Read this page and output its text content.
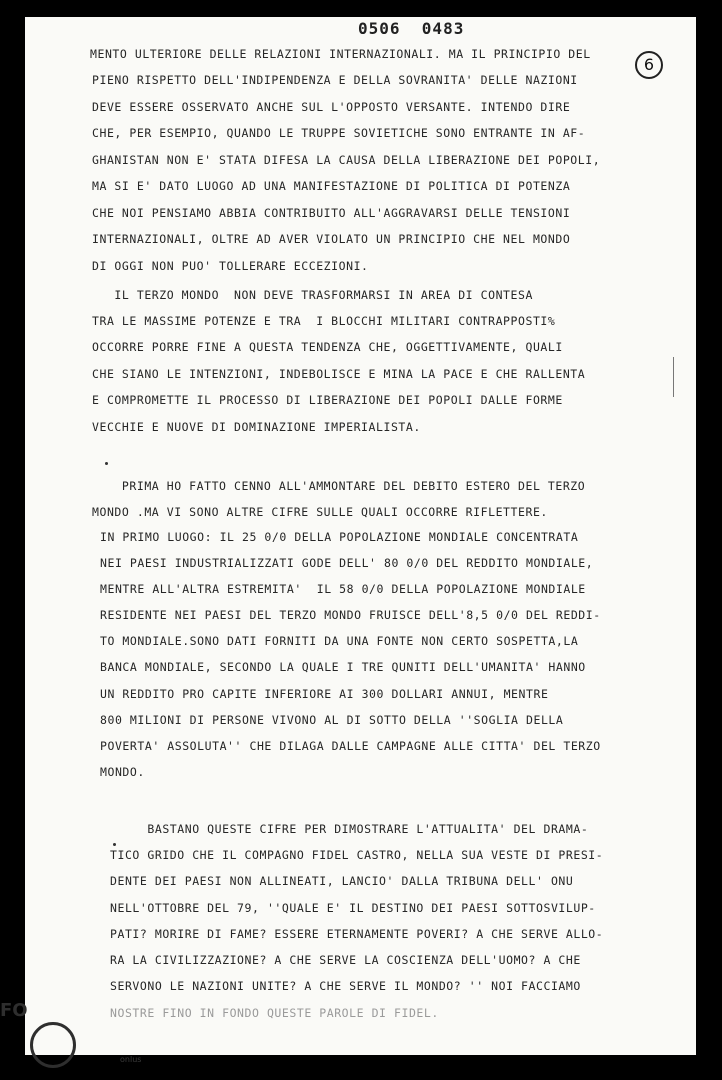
0506  0483
6
MENTO ULTERIORE DELLE RELAZIONI INTERNAZIONALI. MA IL PRINCIPIO DEL
PIENO RISPETTO DELL'INDIPENDENZA E DELLA SOVRANITA' DELLE NAZIONI
DEVE ESSERE OSSERVATO ANCHE SUL L'OPPOSTO VERSANTE. INTENDO DIRE
CHE, PER ESEMPIO, QUANDO LE TRUPPE SOVIETICHE SONO ENTRANTE IN AF-
GHANISTAN NON E' STATA DIFESA LA CAUSA DELLA LIBERAZIONE DEI POPOLI,
MA SI E' DATO LUOGO AD UNA MANIFESTAZIONE DI POLITICA DI POTENZA
CHE NOI PENSIAMO ABBIA CONTRIBUITO ALL'AGGRAVARSI DELLE TENSIONI
INTERNAZIONALI, OLTRE AD AVER VIOLATO UN PRINCIPIO CHE NEL MONDO
DI OGGI NON PUO' TOLLERARE ECCEZIONI.
IL TERZO MONDO  NON DEVE TRASFORMARSI IN AREA DI CONTESA
TRA LE MASSIME POTENZE E TRA  I BLOCCHI MILITARI CONTRAPPOSTI%
OCCORRE PORRE FINE A QUESTA TENDENZA CHE, OGGETTIVAMENTE, QUALI
CHE SIANO LE INTENZIONI, INDEBOLISCE E MINA LA PACE E CHE RALLENTA
E COMPROMETTE IL PROCESSO DI LIBERAZIONE DEI POPOLI DALLE FORME
VECCHIE E NUOVE DI DOMINAZIONE IMPERIALISTA.
PRIMA HO FATTO CENNO ALL'AMMONTARE DEL DEBITO ESTERO DEL TERZO
MONDO .MA VI SONO ALTRE CIFRE SULLE QUALI OCCORRE RIFLETTERE.
IN PRIMO LUOGO: IL 25 0/0 DELLA POPOLAZIONE MONDIALE CONCENTRATA
NEI PAESI INDUSTRIALIZZATI GODE DELL' 80 0/0 DEL REDDITO MONDIALE,
MENTRE ALL'ALTRA ESTREMITA'  IL 58 0/0 DELLA POPOLAZIONE MONDIALE
RESIDENTE NEI PAESI DEL TERZO MONDO FRUISCE DELL'8,5 0/0 DEL REDDI-
TO MONDIALE.SONO DATI FORNITI DA UNA FONTE NON CERTO SOSPETTA,LA
BANCA MONDIALE, SECONDO LA QUALE I TRE QUNITI DELL'UMANITA' HANNO
UN REDDITO PRO CAPITE INFERIORE AI 300 DOLLARI ANNUI, MENTRE
800 MILIONI DI PERSONE VIVONO AL DI SOTTO DELLA ''SOGLIA DELLA
POVERTA' ASSOLUTA'' CHE DILAGA DALLE CAMPAGNE ALLE CITTA' DEL TERZO
MONDO.
BASTANO QUESTE CIFRE PER DIMOSTRARE L'ATTUALITA' DEL DRAMA-
TICO GRIDO CHE IL COMPAGNO FIDEL CASTRO, NELLA SUA VESTE DI PRESI-
DENTE DEI PAESI NON ALLINEATI, LANCIO' DALLA TRIBUNA DELL' ONU
NELL'OTTOBRE DEL 79, ''QUALE E' IL DESTINO DEI PAESI SOTTOSVILUP-
PATI? MORIRE DI FAME? ESSERE ETERNAMENTE POVERI? A CHE SERVE ALLO-
RA LA CIVILIZZAZIONE? A CHE SERVE LA COSCIENZA DELL'UOMO? A CHE
SERVONO LE NAZIONI UNITE? A CHE SERVE IL MONDO? '' NOI FACCIAMO
NOSTRE FINO IN FONDO QUESTE PAROLE DI FIDEL.
FO
onlus
